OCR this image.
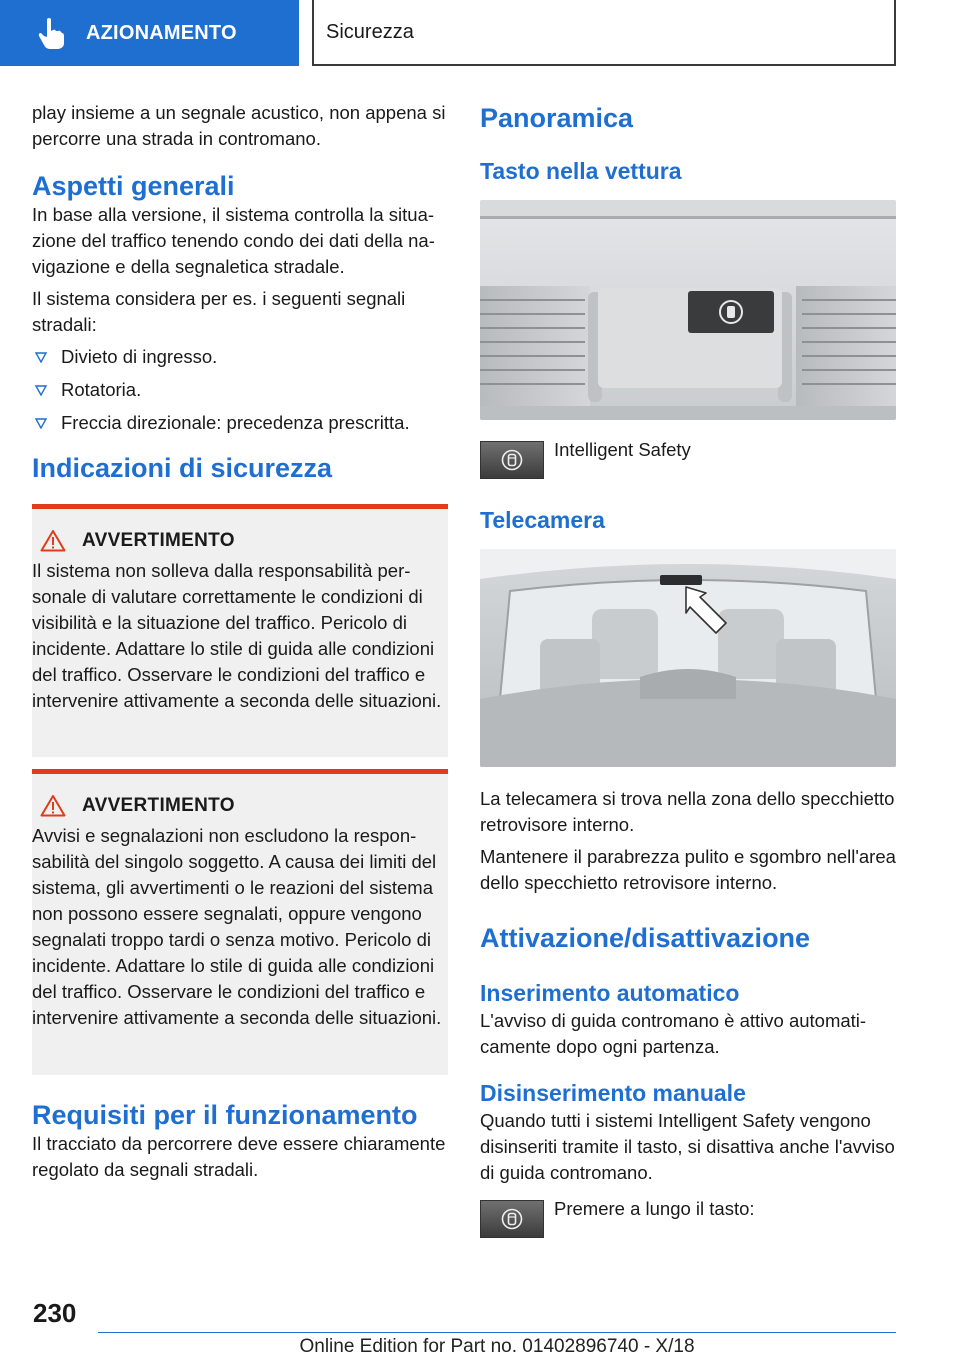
AZIONAMENTO	Sicurezza

play insieme a un segnale acustico, non appena si percorre una strada in contromano.

Aspetti generali

In base alla versione, il sistema controlla la situazione del traffico tenendo condo dei dati della navigazione e della segnaletica stradale.

Il sistema considera per es. i seguenti segnali stradali:

Divieto di ingresso.
Rotatoria.
Freccia direzionale: precedenza prescritta.
Indicazioni di sicurezza
AVVERTIMENTO

Il sistema non solleva dalla responsabilità personale di valutare correttamente le condizioni di visibilità e la situazione del traffico. Pericolo di incidente. Adattare lo stile di guida alle condizioni del traffico. Osservare le condizioni del traffico e intervenire attivamente a seconda delle situazioni.

AVVERTIMENTO

Avvisi e segnalazioni non escludono la responsabilità del singolo soggetto. A causa dei limiti del sistema, gli avvertimenti o le reazioni del sistema non possono essere segnalati, oppure vengono segnalati troppo tardi o senza motivo. Pericolo di incidente. Adattare lo stile di guida alle condizioni del traffico. Osservare le condizioni del traffico e intervenire attivamente a seconda delle situazioni.

Requisiti per il funzionamento

Il tracciato da percorrere deve essere chiaramente regolato da segnali stradali.

Panoramica
Tasto nella vettura

Intelligent Safety

Telecamera

La telecamera si trova nella zona dello specchietto retrovisore interno.

Mantenere il parabrezza pulito e sgombro nell'area dello specchietto retrovisore interno.

Attivazione/disattivazione
Inserimento automatico

L'avviso di guida contromano è attivo automaticamente dopo ogni partenza.

Disinserimento manuale

Quando tutti i sistemi Intelligent Safety vengono disinseriti tramite il tasto, si disattiva anche l'avviso di guida contromano.

Premere a lungo il tasto:

230
Online Edition for Part no. 01402896740 - X/18
